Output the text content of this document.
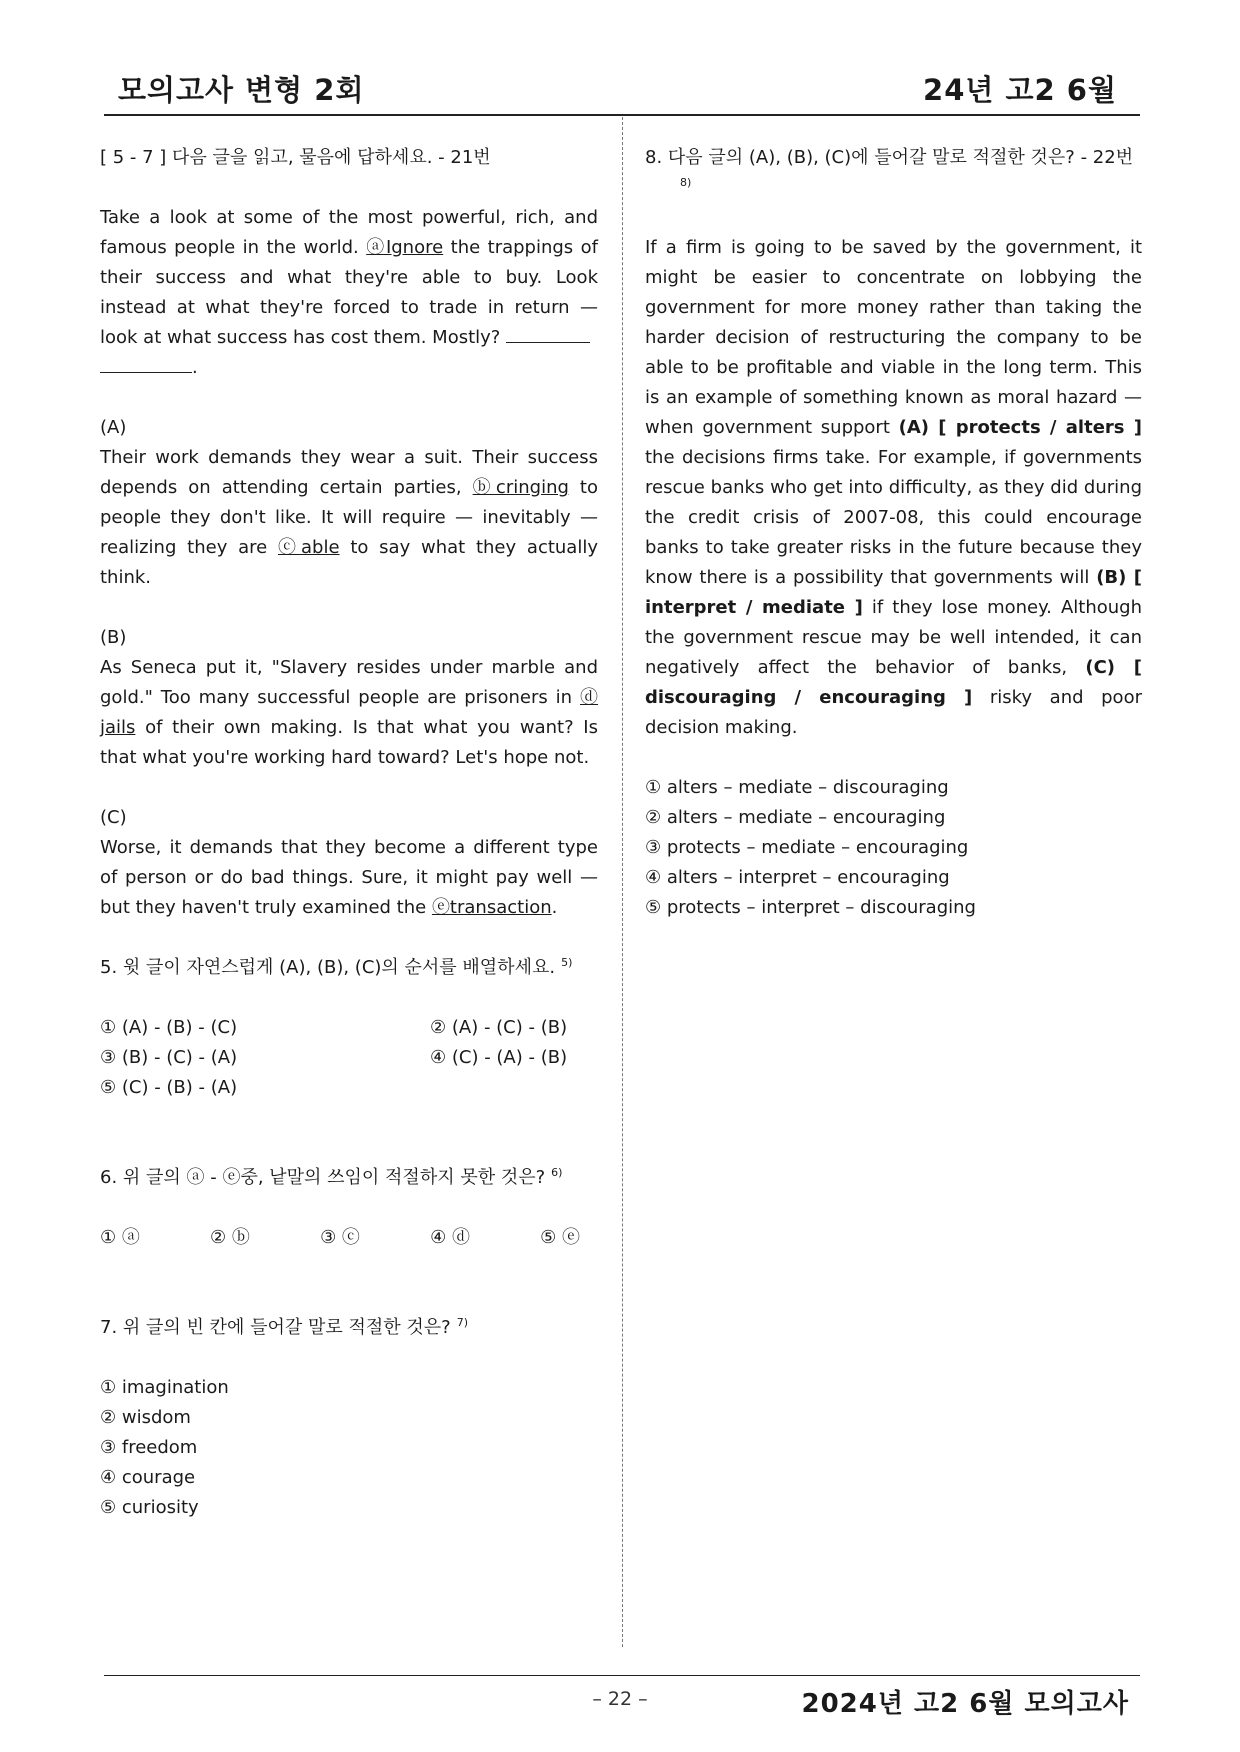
모의고사 변형 2회	24년 고2 6월

[ 5 - 7 ] 다음 글을 읽고, 물음에 답하세요. - 21번

Take a look at some of the most powerful, rich, and famous people in the world. ⓐIgnore the trappings of their success and what they're able to buy. Look instead at what they're forced to trade in return — look at what success has cost them. Mostly?
.

(A)

Their work demands they wear a suit. Their success depends on attending certain parties, ⓑcringing to people they don't like. It will require — inevitably — realizing they are ⓒable to say what they actually think.

(B)

As Seneca put it, "Slavery resides under marble and gold." Too many successful people are prisoners in ⓓ jails of their own making. Is that what you want? Is that what you're working hard toward? Let's hope not.

(C)

Worse, it demands that they become a different type of person or do bad things. Sure, it might pay well — but they haven't truly examined the ⓔtransaction.

5. 윗 글이 자연스럽게 (A), (B), (C)의 순서를 배열하세요. $^{5)}$

① (A) - (B) - (C)	② (A) - (C) - (B)
③ (B) - (C) - (A)	④ (C) - (A) - (B)
⑤ (C) - (B) - (A)

6. 위 글의 ⓐ - ⓔ중, 낱말의 쓰임이 적절하지 못한 것은? $^{6)}$

① ⓐ	② ⓑ	③ ⓒ	④ ⓓ	⑤ ⓔ

7. 위 글의 빈 칸에 들어갈 말로 적절한 것은? $^{7)}$

① imagination
② wisdom
③ freedom
④ courage
⑤ curiosity

8. 다음 글의 (A), (B), (C)에 들어갈 말로 적절한 것은? - 22번$^{8)}$

If a firm is going to be saved by the government, it might be easier to concentrate on lobbying the government for more money rather than taking the harder decision of restructuring the company to be able to be profitable and viable in the long term. This is an example of something known as moral hazard — when government support (A) [ protects / alters ] the decisions firms take. For example, if governments rescue banks who get into difficulty, as they did during the credit crisis of 2007-08, this could encourage banks to take greater risks in the future because they know there is a possibility that governments will (B) [ interpret / mediate ] if they lose money. Although the government rescue may be well intended, it can negatively affect the behavior of banks, (C) [ discouraging / encouraging ] risky and poor decision making.

① alters – mediate – discouraging
② alters – mediate – encouraging
③ protects – mediate – encouraging
④ alters – interpret – encouraging
⑤ protects – interpret – discouraging
– 22 –	2024년 고2 6월 모의고사
